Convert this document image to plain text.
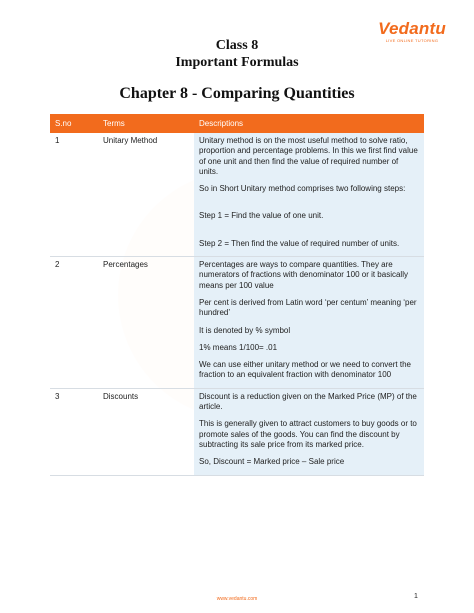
Vedantu
LIVE ONLINE TUTORING
Class 8
Important Formulas
Chapter 8 - Comparing Quantities
S.no	Terms	Descriptions
1	Unitary Method	Unitary method is on the most useful method to solve ratio, proportion and percentage problems. In this we first find value of one unit and then find the value of required number of units.
So in Short Unitary method comprises two following steps:
Step 1 = Find the value of one unit.
Step 2 = Then find the value of required number of units.

2	Percentages	Percentages are ways to compare quantities. They are numerators of fractions with denominator 100 or it basically means per 100 value
Per cent is derived from Latin word ‘per centum’ meaning ‘per hundred’
It is denoted by % symbol
1% means 1/100= .01
We can use either unitary method or we need to convert the fraction to an equivalent fraction with denominator 100

3	Discounts	Discount is a reduction given on the Marked Price (MP) of the article.
This is generally given to attract customers to buy goods or to promote sales of the goods. You can find the discount by subtracting its sale price from its marked price.
So, Discount = Marked price – Sale price
www.vedantu.com	1
